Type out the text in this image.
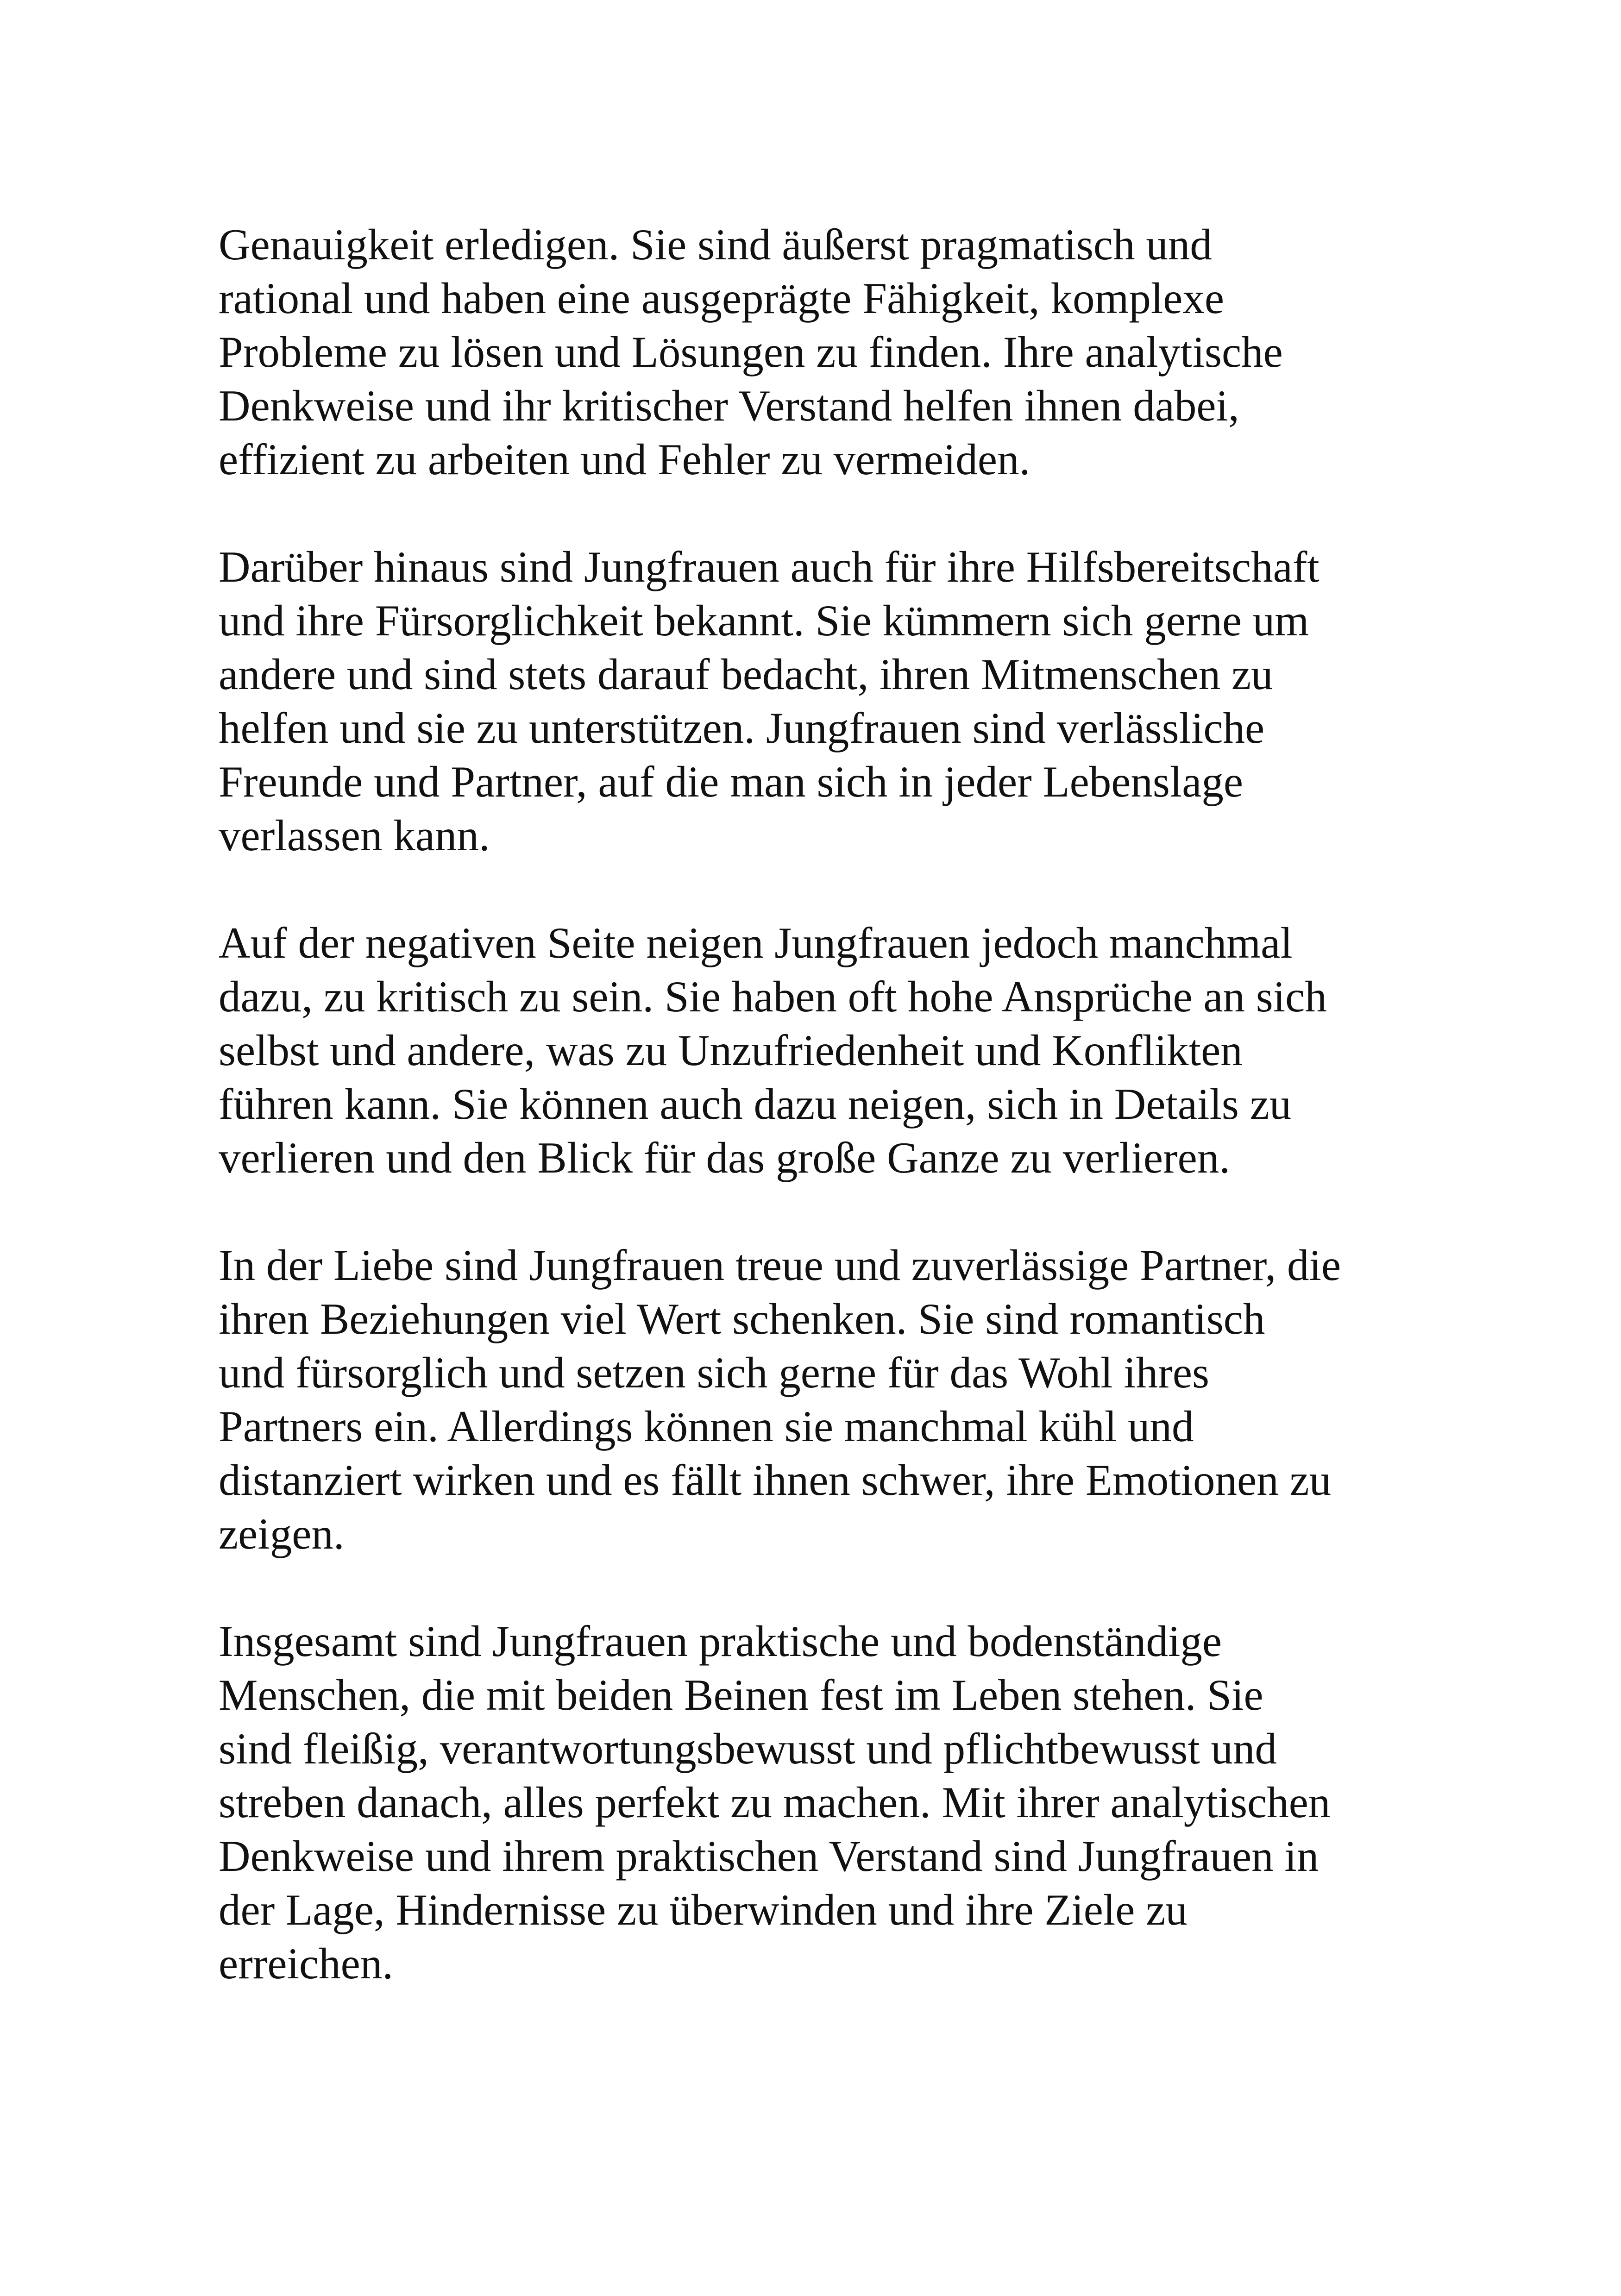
Genauigkeit erledigen. Sie sind äußerst pragmatisch und
rational und haben eine ausgeprägte Fähigkeit, komplexe
Probleme zu lösen und Lösungen zu finden. Ihre analytische
Denkweise und ihr kritischer Verstand helfen ihnen dabei,
effizient zu arbeiten und Fehler zu vermeiden.

Darüber hinaus sind Jungfrauen auch für ihre Hilfsbereitschaft
und ihre Fürsorglichkeit bekannt. Sie kümmern sich gerne um
andere und sind stets darauf bedacht, ihren Mitmenschen zu
helfen und sie zu unterstützen. Jungfrauen sind verlässliche
Freunde und Partner, auf die man sich in jeder Lebenslage
verlassen kann.

Auf der negativen Seite neigen Jungfrauen jedoch manchmal
dazu, zu kritisch zu sein. Sie haben oft hohe Ansprüche an sich
selbst und andere, was zu Unzufriedenheit und Konflikten
führen kann. Sie können auch dazu neigen, sich in Details zu
verlieren und den Blick für das große Ganze zu verlieren.

In der Liebe sind Jungfrauen treue und zuverlässige Partner, die
ihren Beziehungen viel Wert schenken. Sie sind romantisch
und fürsorglich und setzen sich gerne für das Wohl ihres
Partners ein. Allerdings können sie manchmal kühl und
distanziert wirken und es fällt ihnen schwer, ihre Emotionen zu
zeigen.

Insgesamt sind Jungfrauen praktische und bodenständige
Menschen, die mit beiden Beinen fest im Leben stehen. Sie
sind fleißig, verantwortungsbewusst und pflichtbewusst und
streben danach, alles perfekt zu machen. Mit ihrer analytischen
Denkweise und ihrem praktischen Verstand sind Jungfrauen in
der Lage, Hindernisse zu überwinden und ihre Ziele zu
erreichen.
